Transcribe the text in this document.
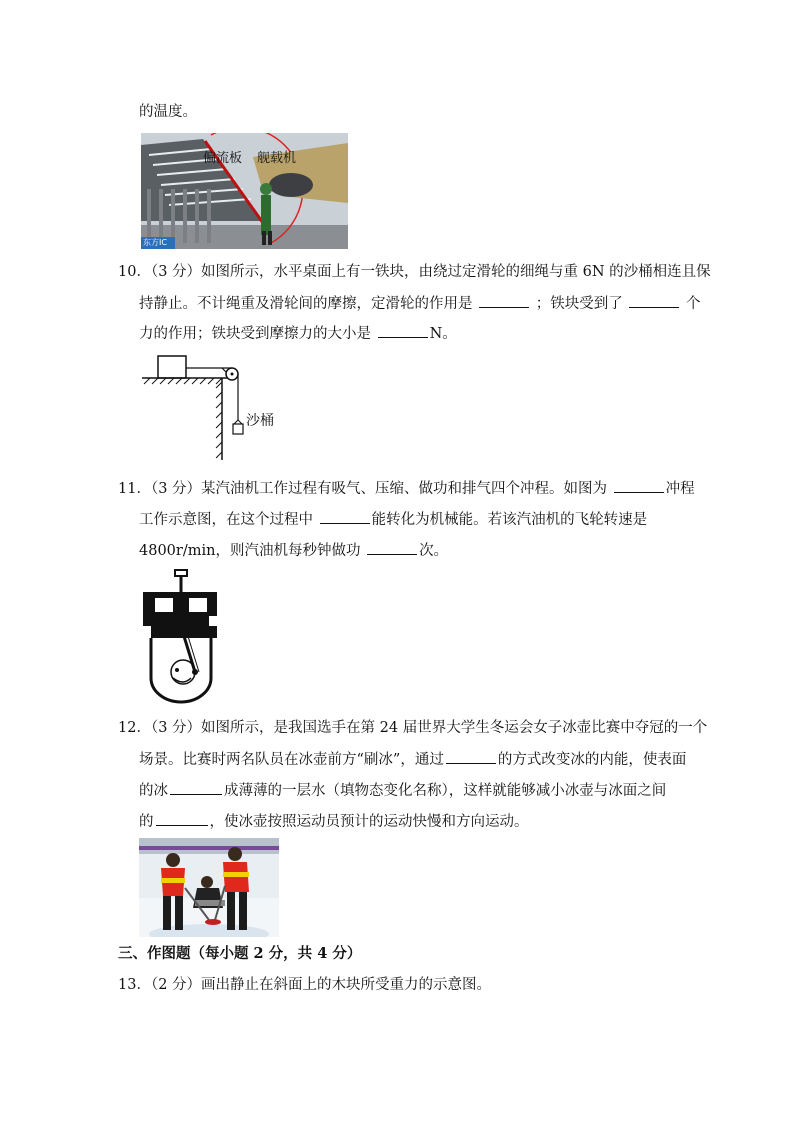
的温度。
偏流板 舰载机
东方IC
10．（3 分）如图所示，水平桌面上有一铁块，由绕过定滑轮的细绳与重 6N 的沙桶相连且保
持静止。不计绳重及滑轮间的摩擦，定滑轮的作用是	；铁块受到了	个
力的作用；铁块受到摩擦力的大小是	N。
沙桶
11．（3 分）某汽油机工作过程有吸气、压缩、做功和排气四个冲程。如图为	冲程
工作示意图，在这个过程中	能转化为机械能。若该汽油机的飞轮转速是
4800r/min，则汽油机每秒钟做功	次。
12．（3 分）如图所示，是我国选手在第 24 届世界大学生冬运会女子冰壶比赛中夺冠的一个
场景。比赛时两名队员在冰壶前方“刷冰”，通过	的方式改变冰的内能，使表面
的冰	成薄薄的一层水（填物态变化名称），这样就能够减小冰壶与冰面之间
的	，使冰壶按照运动员预计的运动快慢和方向运动。
三、作图题（每小题 2 分，共 4 分）
13．（2 分）画出静止在斜面上的木块所受重力的示意图。
